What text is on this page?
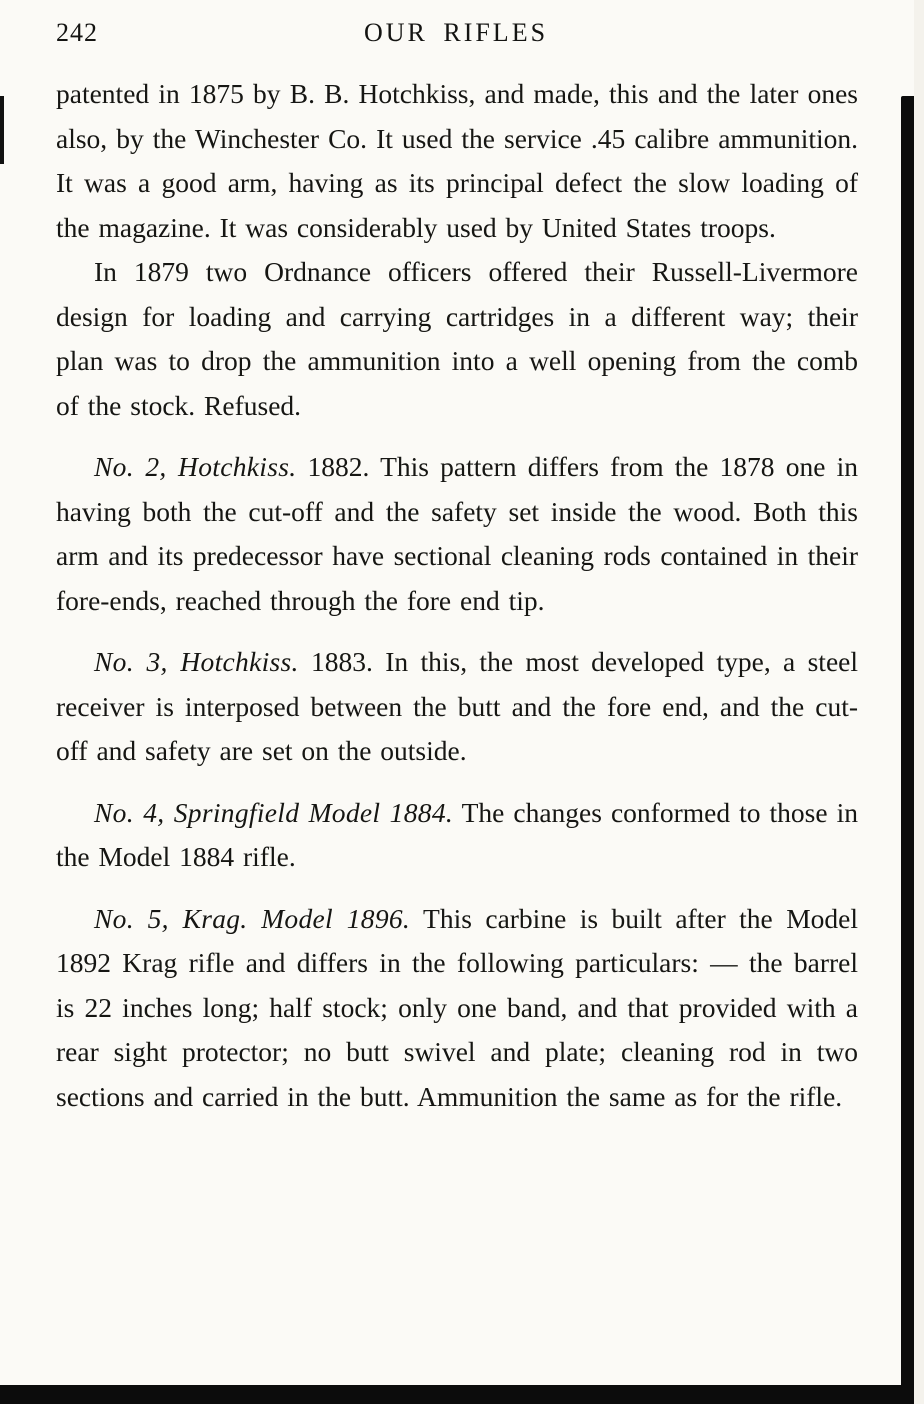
242	OUR RIFLES

patented in 1875 by B. B. Hotchkiss, and made, this and the later ones also, by the Winchester Co. It used the service .45 calibre ammunition. It was a good arm, having as its principal defect the slow loading of the magazine. It was considerably used by United States troops.

In 1879 two Ordnance officers offered their Russell-Livermore design for loading and carrying cartridges in a different way; their plan was to drop the ammunition into a well opening from the comb of the stock. Refused.

No. 2, Hotchkiss. 1882. This pattern differs from the 1878 one in having both the cut-off and the safety set inside the wood. Both this arm and its predecessor have sectional cleaning rods contained in their fore-ends, reached through the fore end tip.

No. 3, Hotchkiss. 1883. In this, the most developed type, a steel receiver is interposed between the butt and the fore end, and the cut-off and safety are set on the outside.

No. 4, Springfield Model 1884. The changes conformed to those in the Model 1884 rifle.

No. 5, Krag. Model 1896. This carbine is built after the Model 1892 Krag rifle and differs in the following particulars: — the barrel is 22 inches long; half stock; only one band, and that provided with a rear sight protector; no butt swivel and plate; cleaning rod in two sections and carried in the butt. Ammunition the same as for the rifle.
